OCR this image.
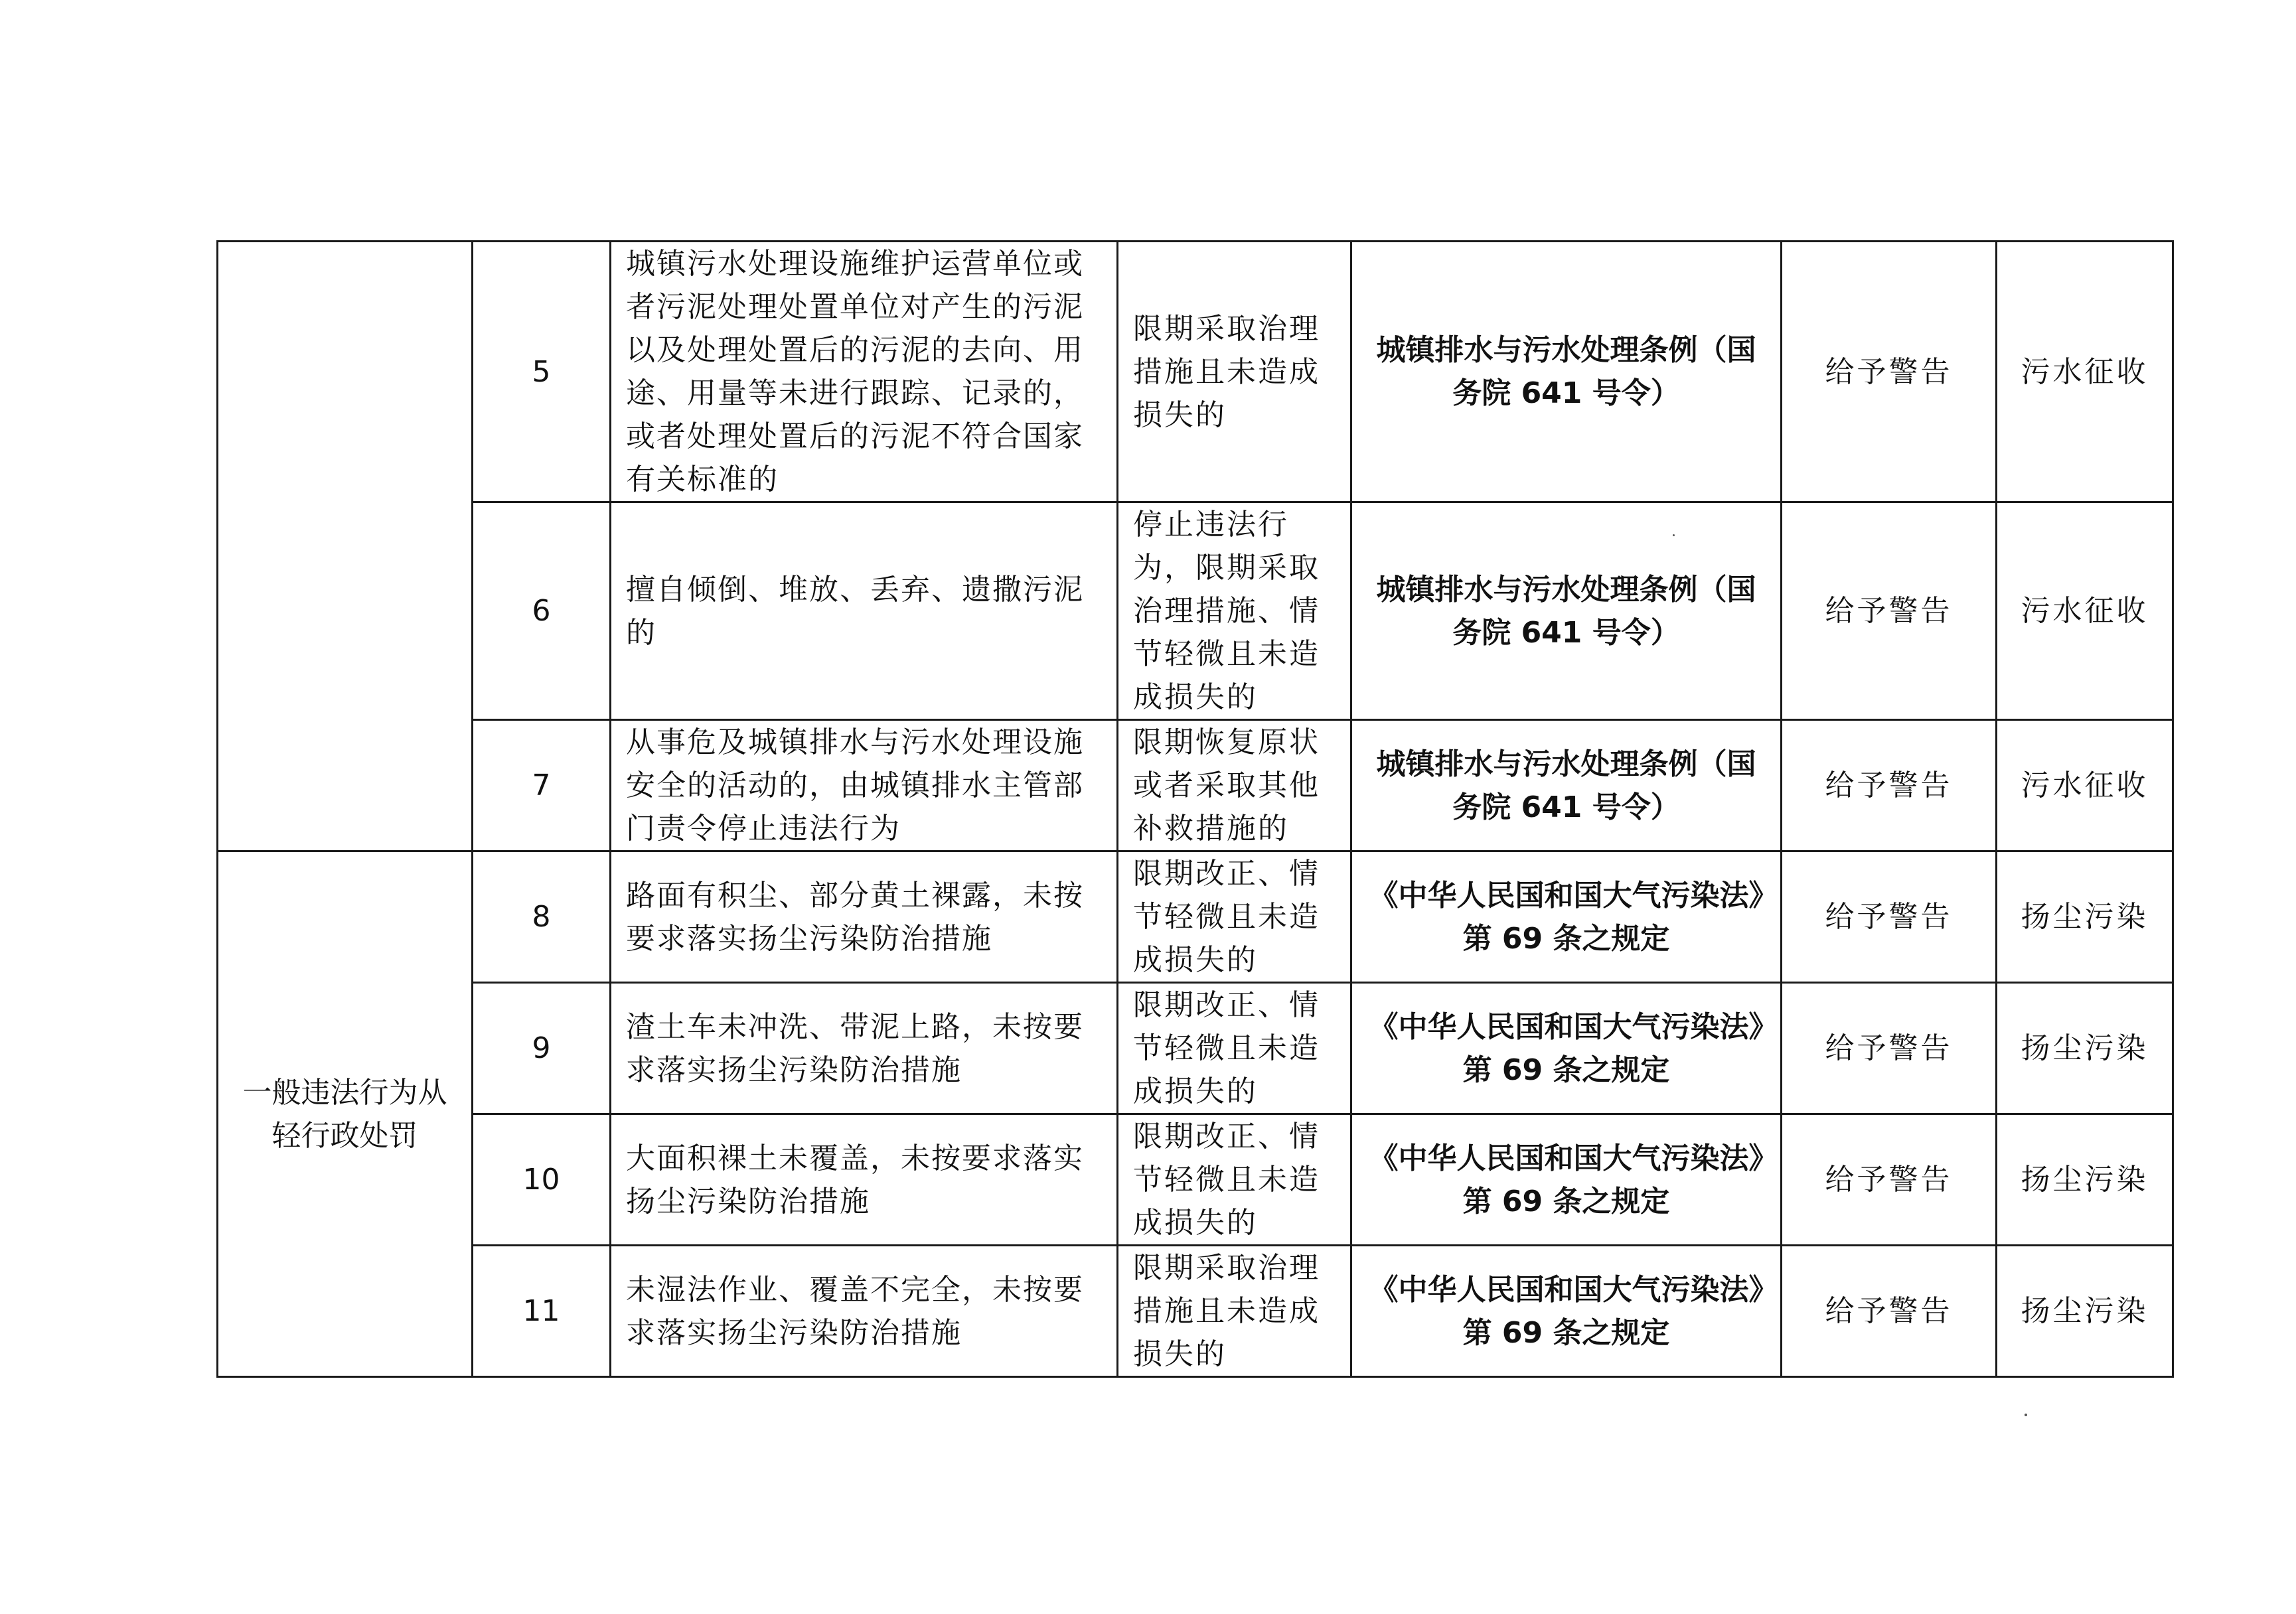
	5	城镇污水处理设施维护运营单位或者污泥处理处置单位对产生的污泥以及处理处置后的污泥的去向、用途、用量等未进行跟踪、记录的，或者处理处置后的污泥不符合国家有关标准的	限期采取治理措施且未造成损失的	城镇排水与污水处理条例（国务院 641 号令）	给予警告	污水征收
	6	擅自倾倒、堆放、丢弃、遗撒污泥的	停止违法行为，限期采取治理措施、情节轻微且未造成损失的	城镇排水与污水处理条例（国务院 641 号令）	给予警告	污水征收
	7	从事危及城镇排水与污水处理设施安全的活动的，由城镇排水主管部门责令停止违法行为	限期恢复原状或者采取其他补救措施的	城镇排水与污水处理条例（国务院 641 号令）	给予警告	污水征收
一般违法行为从轻行政处罚	8	路面有积尘、部分黄土裸露，未按要求落实扬尘污染防治措施	限期改正、情节轻微且未造成损失的	《中华人民国和国大气污染法》第 69 条之规定	给予警告	扬尘污染
	9	渣土车未冲洗、带泥上路，未按要求落实扬尘污染防治措施	限期改正、情节轻微且未造成损失的	《中华人民国和国大气污染法》第 69 条之规定	给予警告	扬尘污染
	10	大面积裸土未覆盖，未按要求落实扬尘污染防治措施	限期改正、情节轻微且未造成损失的	《中华人民国和国大气污染法》第 69 条之规定	给予警告	扬尘污染
	11	未湿法作业、覆盖不完全，未按要求落实扬尘污染防治措施	限期采取治理措施且未造成损失的	《中华人民国和国大气污染法》第 69 条之规定	给予警告	扬尘污染
